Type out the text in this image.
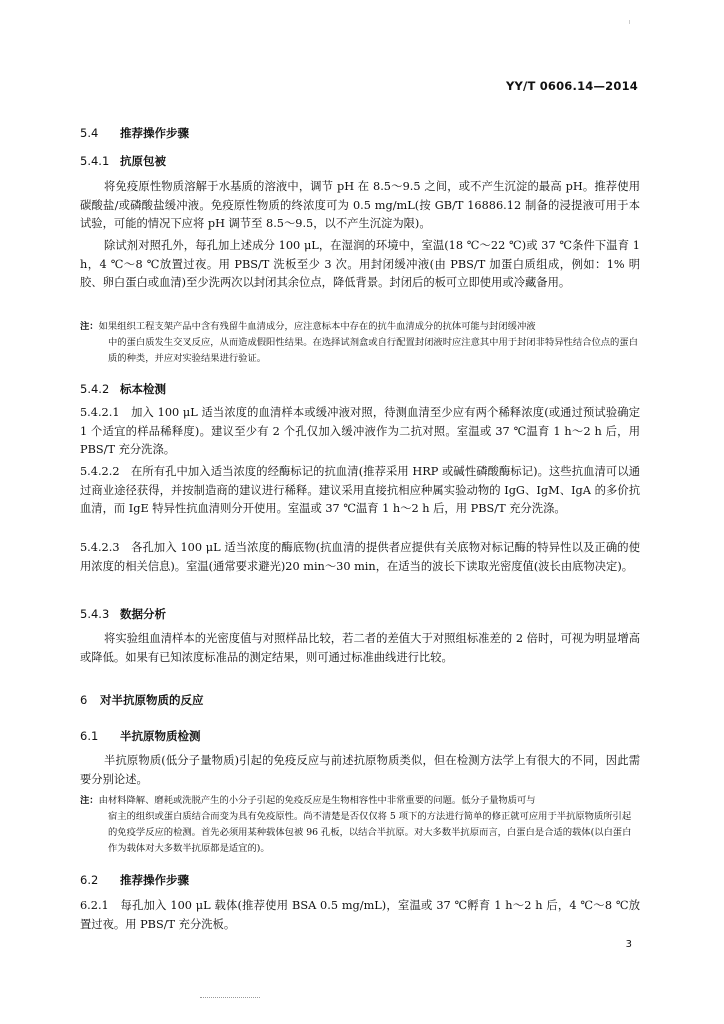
YY/T 0606.14—2014
5.4 推荐操作步骤
5.4.1 抗原包被

将免疫原性物质溶解于水基质的溶液中，调节 pH 在 8.5～9.5 之间，或不产生沉淀的最高 pH。推荐使用碳酸盐/或磷酸盐缓冲液。免疫原性物质的终浓度可为 0.5 mg/mL(按 GB/T 16886.12 制备的浸提液可用于本试验，可能的情况下应将 pH 调节至 8.5～9.5，以不产生沉淀为限)。

除试剂对照孔外，每孔加上述成分 100 μL，在湿润的环境中，室温(18 ℃～22 ℃)或 37 ℃条件下温育 1 h，4 ℃～8 ℃放置过夜。用 PBS/T 洗板至少 3 次。用封闭缓冲液(由 PBS/T 加蛋白质组成，例如：1% 明胶、卵白蛋白或血清)至少洗两次以封闭其余位点，降低背景。封闭后的板可立即使用或冷藏备用。

注：如果组织工程支架产品中含有残留牛血清成分，应注意标本中存在的抗牛血清成分的抗体可能与封闭缓冲液
中的蛋白质发生交叉反应，从而造成假阳性结果。在选择试剂盒或自行配置封闭液时应注意其中用于封闭非特异性结合位点的蛋白质的种类，并应对实验结果进行验证。
5.4.2 标本检测

5.4.2.1　加入 100 μL 适当浓度的血清样本或缓冲液对照，待测血清至少应有两个稀释浓度(或通过预试验确定 1 个适宜的样品稀释度)。建议至少有 2 个孔仅加入缓冲液作为二抗对照。室温或 37 ℃温育 1 h～2 h 后，用 PBS/T 充分洗涤。

5.4.2.2　在所有孔中加入适当浓度的经酶标记的抗血清(推荐采用 HRP 或碱性磷酸酶标记)。这些抗血清可以通过商业途径获得，并按制造商的建议进行稀释。建议采用直接抗相应种属实验动物的 IgG、IgM、IgA 的多价抗血清，而 IgE 特异性抗血清则分开使用。室温或 37 ℃温育 1 h～2 h 后，用 PBS/T 充分洗涤。

5.4.2.3　各孔加入 100 μL 适当浓度的酶底物(抗血清的提供者应提供有关底物对标记酶的特异性以及正确的使用浓度的相关信息)。室温(通常要求避光)20 min～30 min，在适当的波长下读取光密度值(波长由底物决定)。

5.4.3 数据分析

将实验组血清样本的光密度值与对照样品比较，若二者的差值大于对照组标准差的 2 倍时，可视为明显增高或降低。如果有已知浓度标准品的测定结果，则可通过标准曲线进行比较。

6 对半抗原物质的反应
6.1 半抗原物质检测

半抗原物质(低分子量物质)引起的免疫反应与前述抗原物质类似，但在检测方法学上有很大的不同，因此需要分别论述。

注：由材料降解、磨耗或洗脱产生的小分子引起的免疫反应是生物相容性中非常重要的问题。低分子量物质可与
宿主的组织或蛋白质结合而变为具有免疫原性。尚不清楚是否仅仅将 5 项下的方法进行简单的修正就可应用于半抗原物质所引起的免疫学反应的检测。首先必须用某种载体包被 96 孔板，以结合半抗原。对大多数半抗原而言，白蛋白是合适的载体(以白蛋白作为载体对大多数半抗原都是适宜的)。
6.2 推荐操作步骤

6.2.1　每孔加入 100 μL 载体(推荐使用 BSA 0.5 mg/mL)，室温或 37 ℃孵育 1 h～2 h 后，4 ℃～8 ℃放置过夜。用 PBS/T 充分洗板。

3
